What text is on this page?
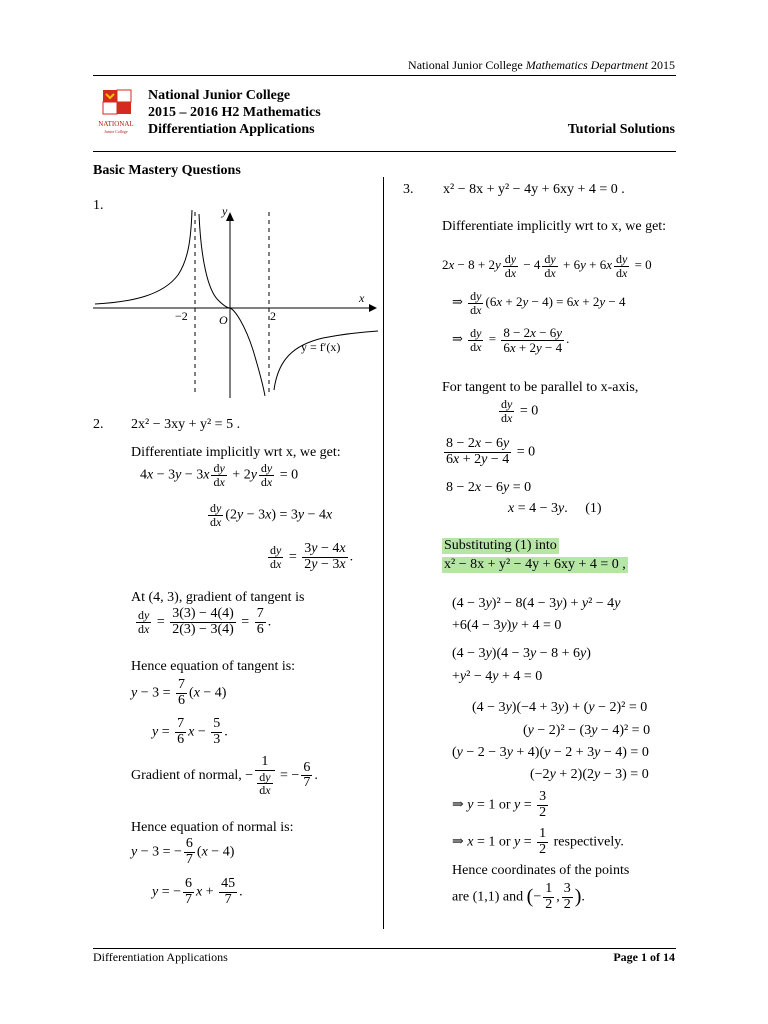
National Junior College Mathematics Department 2015
NATIONAL
Junior College
National Junior College
2015 – 2016 H2 Mathematics
Differentiation Applications	Tutorial Solutions
Basic Mastery Questions
1.	y
x
−2	O	2
y = f′(x)
2. 2x² − 3xy + y² = 5 .
Differentiate implicitly wrt x, we get:
$4x - 3y - 3x \frac{dy}{dx} + 2y \frac{dy}{dx} = 0$
$\frac{dy}{dx} (2y - 3x) = 3y - 4x$
$\frac{dy}{dx} = \frac{3y - 4x}{2y - 3x}$ .
At (4, 3), gradient of tangent is
$\frac{dy}{dx} = \frac{3(3) - 4(4)}{2(3) - 3(4)} = \frac{7}{6}$ .
Hence equation of tangent is:
$y - 3 = \frac{7}{6} (x - 4)$
$y = \frac{7}{6}$ $x - \frac{5}{3}$ .
Gradient of normal, − $\frac{1}{\frac{dy}{dx}}$ = − $\frac{6}{7}$ .
Hence equation of normal is:
y − 3 = − $\frac{6}{7} (x - 4)$
y = − $\frac{6}{7}$ $x + \frac{45}{7}$ .
3. x² − 8x + y² − 4y + 6xy + 4 = 0 .
Differentiate implicitly wrt to x, we get:
$2x - 8 + 2y \frac{dy}{dx} - 4 \frac{dy}{dx} + 6y + 6x \frac{dy}{dx} = 0$
⇒ $\frac{dy}{dx} (6x + 2y - 4) = 6x + 2y - 4$
⇒ $\frac{dy}{dx} = \frac{8 - 2x - 6y}{6x + 2y - 4}$ .
For tangent to be parallel to x-axis,
$\frac{dy}{dx} = 0$
$\frac{8 - 2x - 6y}{6x + 2y - 4} = 0$
8 − 2x − 6y = 0
x = 4 − 3y.     (1)
Substituting (1) into
x² − 8x + y² − 4y + 6xy + 4 = 0 ,
(4 − 3y)² − 8(4 − 3y) + y² − 4y
+6(4 − 3y)y + 4 = 0
(4 − 3y)(4 − 3y − 8 + 6y)
+y² − 4y + 4 = 0
(4 − 3y)(−4 + 3y) + (y − 2)² = 0
(y − 2)² − (3y − 4)² = 0
(y − 2 − 3y + 4)(y − 2 + 3y − 4) = 0
(−2y + 2)(2y − 3) = 0
⇒ y = 1 or $y = \frac{3}{2}$
⇒ x = 1 or $y = \frac{1}{2}$ respectively.
Hence coordinates of the points
are (1,1) and (− $\frac{1}{2}$ , $\frac{3}{2}$ ).
Differentiation Applications	Page 1 of 14
